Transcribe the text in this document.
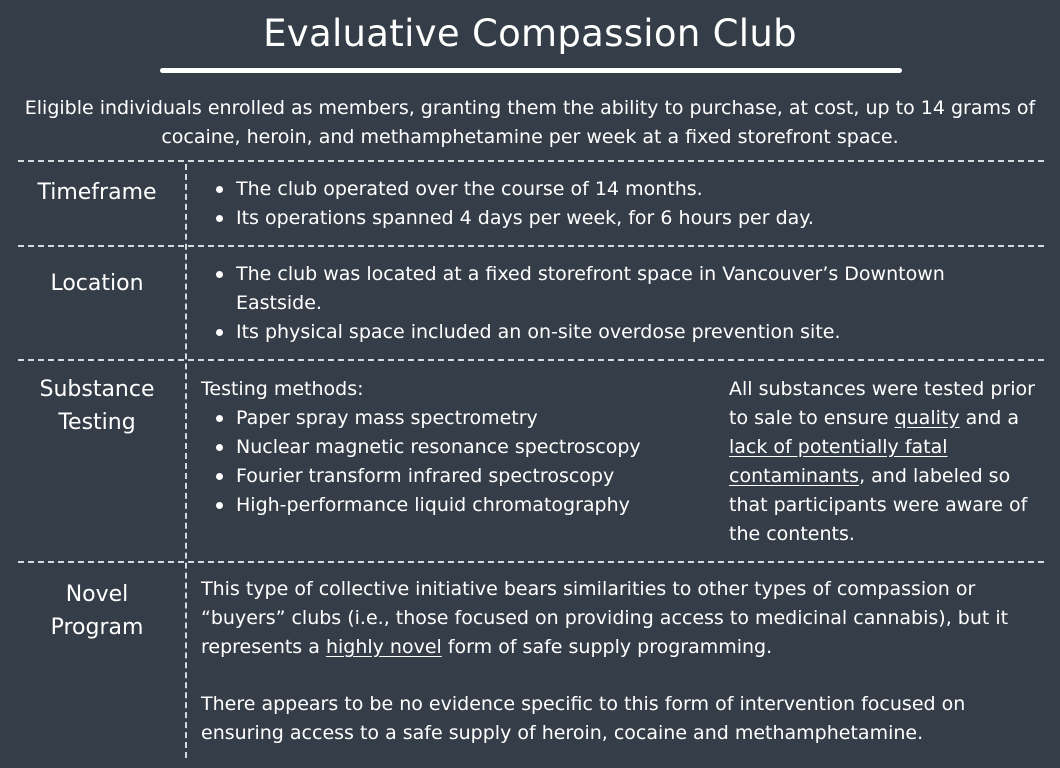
Evaluative Compassion Club
Eligible individuals enrolled as members, granting them the ability to purchase, at cost, up to 14 grams of cocaine, heroin, and methamphetamine per week at a fixed storefront space.
Timeframe	The club operated over the course of 14 months.
Its operations spanned 4 days per week, for 6 hours per day.
Location	The club was located at a fixed storefront space in Vancouver’s Downtown Eastside.
Its physical space included an on-site overdose prevention site.
Substance
Testing
Testing methods:
Paper spray mass spectrometry
Nuclear magnetic resonance spectroscopy
Fourier transform infrared spectroscopy
High-performance liquid chromatography

All substances were tested prior to sale to ensure quality and a lack of potentially fatal contaminants, and labeled so that participants were aware of the contents.

Novel
Program

This type of collective initiative bears similarities to other types of compassion or “buyers” clubs (i.e., those focused on providing access to medicinal cannabis), but it represents a highly novel form of safe supply programming.

There appears to be no evidence specific to this form of intervention focused on ensuring access to a safe supply of heroin, cocaine and methamphetamine.
